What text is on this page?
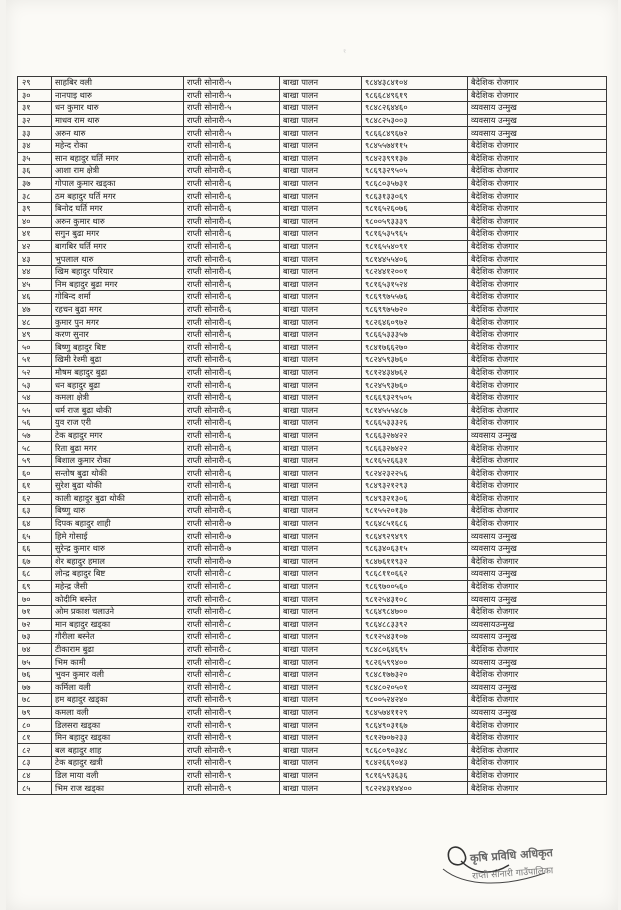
१
२९	साहबिर वली	राप्ती सोनारी-५	बाखा पालन	९८४४३८४१०४	बैदेशिक रोजगार
३०	नानपाइ थारु	राप्ती सोनारी-५	बाखा पालन	९८६६८४९६१९	बैदेशिक रोजगार
३१	धन कुमार थारु	राप्ती सोनारी-५	बाखा पालन	९८४८२६४४६०	व्यवसाय उन्मुख
३२	माधव राम थारु	राप्ती सोनारी-५	बाखा पालन	९८४८२५३००३	व्यवसाय उन्मुख
३३	अरुन थारु	राप्ती सोनारी-५	बाखा पालन	९८६६८४९६७२	व्यवसाय उन्मुख
३४	महेन्द रोका	राप्ती सोनारी-६	बाखा पालन	९८४५५७४११५	बैदेशिक रोजगार
३५	सान बहादुर घर्ति मगर	राप्ती सोनारी-६	बाखा पालन	९८४२३९९१३७	बैदेशिक रोजगार
३६	आशा राम क्षेत्री	राप्ती सोनारी-६	बाखा पालन	९८६९३२९५०५	बैदेशिक रोजगार
३७	गोपाल कुमार खड्का	राप्ती सोनारी-६	बाखा पालन	९८६८०३५७३१	बैदेशिक रोजगार
३८	ठम बहादुर घर्ति मगर	राप्ती सोनारी-६	बाखा पालन	९८६३१३३०६९	बैदेशिक रोजगार
३९	बिनोद घर्ति मगर	राप्ती सोनारी-६	बाखा पालन	९८१६५२६०७६	बैदेशिक रोजगार
४०	अरुन कुमार थारु	राप्ती सोनारी-६	बाखा पालन	९८००५९३३३९	बैदेशिक रोजगार
४१	सगुन बुढा मगर	राप्ती सोनारी-६	बाखा पालन	९८१६५३५९६५	बैदेशिक रोजगार
४२	बागबिर घर्ति मगर	राप्ती सोनारी-६	बाखा पालन	९८१६५५४०९१	बैदेशिक रोजगार
४३	भुपलाल थारु	राप्ती सोनारी-६	बाखा पालन	९८१४४५५४०६	बैदेशिक रोजगार
४४	खिम बहादुर परियार	राप्ती सोनारी-६	बाखा पालन	९८२४४१२००१	बैदेशिक रोजगार
४५	निम बहादुर बुढा मगर	राप्ती सोनारी-६	बाखा पालन	९८१६५३१५२४	बैदेशिक रोजगार
४६	गोबिन्द शर्मा	राप्ती सोनारी-६	बाखा पालन	९८६९९७५५७६	बैदेशिक रोजगार
४७	रहचन बुढा मगर	राप्ती सोनारी-६	बाखा पालन	९८६९९७५७२०	बैदेशिक रोजगार
४८	कुमार पुन मगर	राप्ती सोनारी-६	बाखा पालन	९८२६४६०९७२	बैदेशिक रोजगार
४९	करण सुनार	राप्ती सोनारी-६	बाखा पालन	९८६६५३३३५७	बैदेशिक रोजगार
५०	बिष्णु बहादुर बिष्ट	राप्ती सोनारी-६	बाखा पालन	९८४१७६६२७०	बैदेशिक रोजगार
५१	खिमी रेश्मी बुढा	राप्ती सोनारी-६	बाखा पालन	९८२४५९३७६०	बैदेशिक रोजगार
५२	मौषम बहादुर बुढा	राप्ती सोनारी-६	बाखा पालन	९८१२४३४७६२	बैदेशिक रोजगार
५३	धन बहादुर बुढा	राप्ती सोनारी-६	बाखा पालन	९८२४५९३७६०	बैदेशिक रोजगार
५४	कमला क्षेत्री	राप्ती सोनारी-६	बाखा पालन	९८६६९३२९५०५	बैदेशिक रोजगार
५५	धर्म राज बुढा थोकी	राप्ती सोनारी-६	बाखा पालन	९८१४५५५४८७	बैदेशिक रोजगार
५६	युव राज एरी	राप्ती सोनारी-६	बाखा पालन	९८६६५३३३२६	बैदेशिक रोजगार
५७	टेक बहादुर मगर	राप्ती सोनारी-६	बाखा पालन	९८६६३२७४२२	व्यवसाय उन्मुख
५८	रिता बुढा मगर	राप्ती सोनारी-६	बाखा पालन	९८६६३२७४२२	बैदेशिक रोजगार
५९	बिशाल कुमार रोका	राप्ती सोनारी-६	बाखा पालन	९८१६५२६६३१	बैदेशिक रोजगार
६०	सन्तोष बुढा थोकी	राप्ती सोनारी-६	बाखा पालन	९८२४२३२२५६	बैदेशिक रोजगार
६१	सुरेश बुढा थोकी	राप्ती सोनारी-६	बाखा पालन	९८४९३२१२९३	बैदेशिक रोजगार
६२	काली बहादुर बुढा थोकी	राप्ती सोनारी-६	बाखा पालन	९८४९३२१३०६	बैदेशिक रोजगार
६३	बिष्णु थारु	राप्ती सोनारी-६	बाखा पालन	९८१५५२०१३७	बैदेशिक रोजगार
६४	दिपक बहादुर शाही	राप्ती सोनारी-७	बाखा पालन	९८६४८५१६८६	बैदेशिक रोजगार
६५	हिमे गोसाई	राप्ती सोनारी-७	बाखा पालन	९८६४९२९४९९	व्यवसाय उन्मुख
६६	सुरेन्द्र कुमार थारु	राप्ती सोनारी-७	बाखा पालन	९८६३४०६३१५	व्यवसाय उन्मुख
६७	शेर बहादुर हमाल	राप्ती सोनारी-७	बाखा पालन	९८४७६११९३२	बैदेशिक रोजगार
६८	लोन्द्र बहादुर बिष्ट	राप्ती सोनारी-८	बाखा पालन	९८६८११०६६२	व्यवसाय उन्मुख
६९	महेन्द्र जैसी	राप्ती सोनारी-८	बाखा पालन	९८६९७००५६०	बैदेशिक रोजगार
७०	कोदीमि बस्नेत	राप्ती सोनारी-८	बाखा पालन	९८१२५४३१०८	व्यवसाय उन्मुख
७१	ओम प्रकाश चलाउने	राप्ती सोनारी-८	बाखा पालन	९८६४९८४७००	बैदेशिक रोजगार
७२	मान बहादुर खड्का	राप्ती सोनारी-८	बाखा पालन	९८६४८८३३९२	व्यवसायउन्मुख
७३	गौरीला बस्नेत	राप्ती सोनारी-८	बाखा पालन	९८१२५४३१०७	व्यवसाय उन्मुख
७४	टीकाराम बुढा	राप्ती सोनारी-८	बाखा पालन	९८४८०६४६९५	बैदेशिक रोजगार
७५	भिम कामी	राप्ती सोनारी-८	बाखा पालन	९८२६५९९४००	व्यवसाय उन्मुख
७६	भुवन कुमार वली	राप्ती सोनारी-८	बाखा पालन	९८४८१७७३२०	बैदेशिक रोजगार
७७	कर्मिला वली	राप्ती सोनारी-८	बाखा पालन	९८४८०२०५०१	व्यवसाय उन्मुख
७८	हम बहादुर खड्का	राप्ती सोनारी-९	बाखा पालन	९८००५२४२४०	बैदेशिक रोजगार
७९	कमला वली	राप्ती सोनारी-९	बाखा पालन	९८४५७४११२९	व्यवसाय उन्मुख
८०	डिलसरा खड्का	राप्ती सोनारी-९	बाखा पालन	९८६४९०३१६७	बैदेशिक रोजगार
८१	मिन बहादुर खड्का	राप्ती सोनारी-९	बाखा पालन	९८१२७०७२३३	बैदेशिक रोजगार
८२	बल बहादुर शाह	राप्ती सोनारी-९	बाखा पालन	९८६८०९०३४८	बैदेशिक रोजगार
८३	टेक बहादुर खत्री	राप्ती सोनारी-९	बाखा पालन	९८४२६६९०४३	बैदेशिक रोजगार
८४	डिल माया वली	राप्ती सोनारी-९	बाखा पालन	९८१६५९३६३६	बैदेशिक रोजगार
८५	भिम राज खड्का	राप्ती सोनारी-९	बाखा पालन	९८२२४३१४४००	बैदेशिक रोजगार
कृषि प्रविधि अधिकृत
राप्ती सोनारी गाउँपालिका
